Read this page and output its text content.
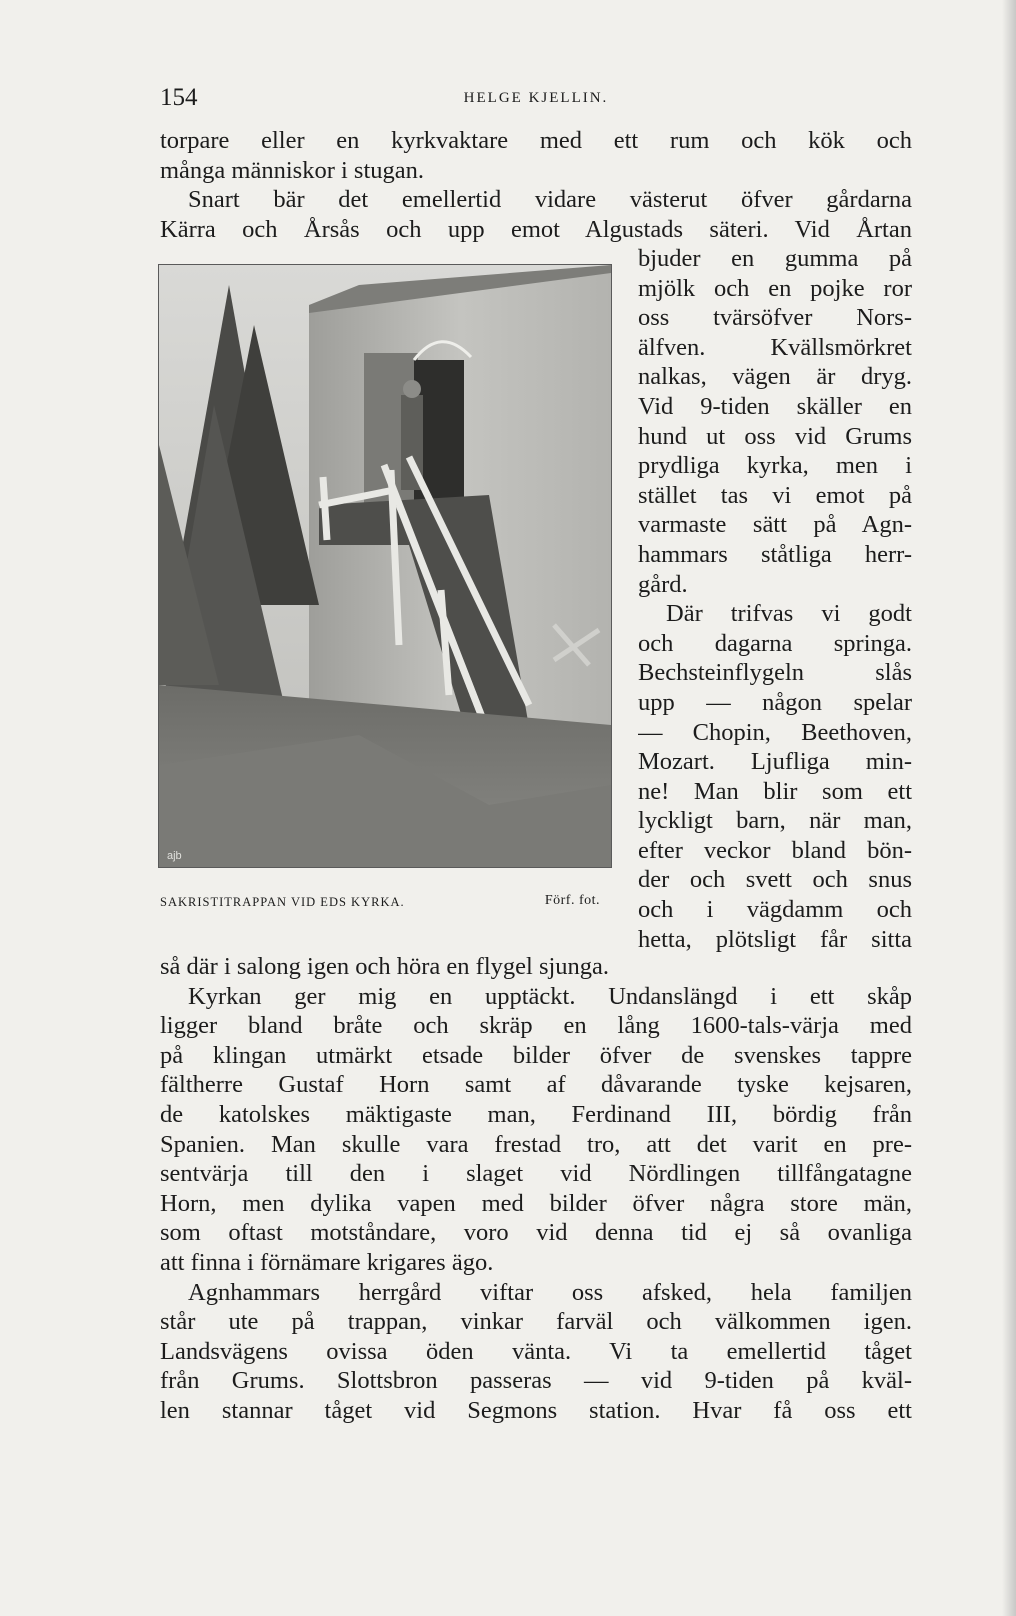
154	HELGE KJELLIN.
torpare eller en kyrkvaktare med ett rum och kök och
många människor i stugan.
Snart bär det emellertid vidare västerut öfver gårdarna
Kärra och Årsås och upp emot Algustads säteri. Vid Årtan
ajb
SAKRISTITRAPPAN VID EDS KYRKA.	Förf. fot.
bjuder en gumma på
mjölk och en pojke ror
oss tvärsöfver Nors-
älfven. Kvällsmörkret
nalkas, vägen är dryg.
Vid 9-tiden skäller en
hund ut oss vid Grums
prydliga kyrka, men i
stället tas vi emot på
varmaste sätt på Agn-
hammars ståtliga herr-
gård.
Där trifvas vi godt
och dagarna springa.
Bechsteinflygeln slås
upp — någon spelar
— Chopin, Beethoven,
Mozart. Ljufliga min-
ne! Man blir som ett
lyckligt barn, när man,
efter veckor bland bön-
der och svett och snus
och i vägdamm och
hetta, plötsligt får sitta
så där i salong igen och höra en flygel sjunga.
Kyrkan ger mig en upptäckt. Undanslängd i ett skåp
ligger bland bråte och skräp en lång 1600-tals-värja med
på klingan utmärkt etsade bilder öfver de svenskes tappre
fältherre Gustaf Horn samt af dåvarande tyske kejsaren,
de katolskes mäktigaste man, Ferdinand III, bördig från
Spanien. Man skulle vara frestad tro, att det varit en pre-
sentvärja till den i slaget vid Nördlingen tillfångatagne
Horn, men dylika vapen med bilder öfver några store män,
som oftast motståndare, voro vid denna tid ej så ovanliga
att finna i förnämare krigares ägo.
Agnhammars herrgård viftar oss afsked, hela familjen
står ute på trappan, vinkar farväl och välkommen igen.
Landsvägens ovissa öden vänta. Vi ta emellertid tåget
från Grums. Slottsbron passeras — vid 9-tiden på kväl-
len stannar tåget vid Segmons station. Hvar få oss ett
